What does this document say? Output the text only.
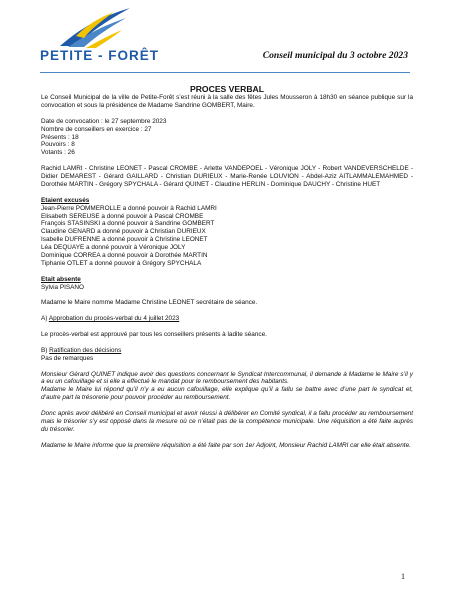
PETITE - FORÊT	Conseil municipal du 3 octobre 2023

PROCES VERBAL

Le Conseil Municipal de la ville de Petite-Forêt s’est réuni à la salle des fêtes Jules Mousseron à 18h30 en séance publique sur la convocation et sous la présidence de Madame Sandrine GOMBERT, Maire.

Date de convocation : le 27 septembre 2023

Nombre de conseillers en exercice : 27

Présents : 18

Pouvoirs : 8

Votants : 26

Rachid LAMRI - Christine LEONET - Pascal CROMBE - Arlette VANDEPOEL - Véronique JOLY - Robert VANDEVERSCHELDE - Didier DEMAREST - Gérard GAILLARD - Christian DURIEUX - Marie-Renée LOUVION - Abdel-Aziz AITLAMMALEMAHMED - Dorothée MARTIN - Grégory SPYCHALA - Gérard QUINET - Claudine HERLIN - Dominique DAUCHY - Christine HUET

Etaient excusés

Jean-Pierre POMMEROLLE a donné pouvoir à Rachid LAMRI

Elisabeth SEREUSE a donné pouvoir à Pascal CROMBE

François STASINSKI a donné pouvoir à Sandrine GOMBERT

Claudine GENARD a donné pouvoir à Christian DURIEUX

Isabelle DUFRENNE a donné pouvoir à Christine LEONET

Léa DEQUAYE a donné pouvoir à Véronique JOLY

Dominique CORREA a donné pouvoir à Dorothée MARTIN

Tiphanie OTLET a donné pouvoir à Grégory SPYCHALA

Etait absente

Sylvia PISANO

Madame le Maire nomme Madame Christine LEONET secrétaire de séance.

A) Approbation du procès-verbal du 4 juillet 2023

Le procès-verbal est approuvé par tous les conseillers présents à ladite séance.

B) Ratification des décisions

Pas de remarques

Monsieur Gérard QUINET indique avoir des questions concernant le Syndicat Intercommunal, il demande à Madame le Maire s’il y a eu un cafouillage et si elle a effectué le mandat pour le remboursement des habitants.

Madame le Maire lui répond qu’il n’y a eu aucun cafouillage, elle explique qu’il a fallu se battre avec d’une part le syndicat et, d’autre part la trésorerie pour pouvoir procéder au remboursement.

Donc après avoir délibéré en Conseil municipal et avoir réussi à délibérer en Comité syndical, il a fallu procéder au remboursement mais le trésorier s’y est opposé dans la mesure où ce n’était pas de la compétence municipale. Une réquisition a été faite auprès du trésorier.

Madame le Maire informe que la première réquisition a été faite par son 1er Adjoint, Monsieur Rachid LAMRI car elle était absente.

1
